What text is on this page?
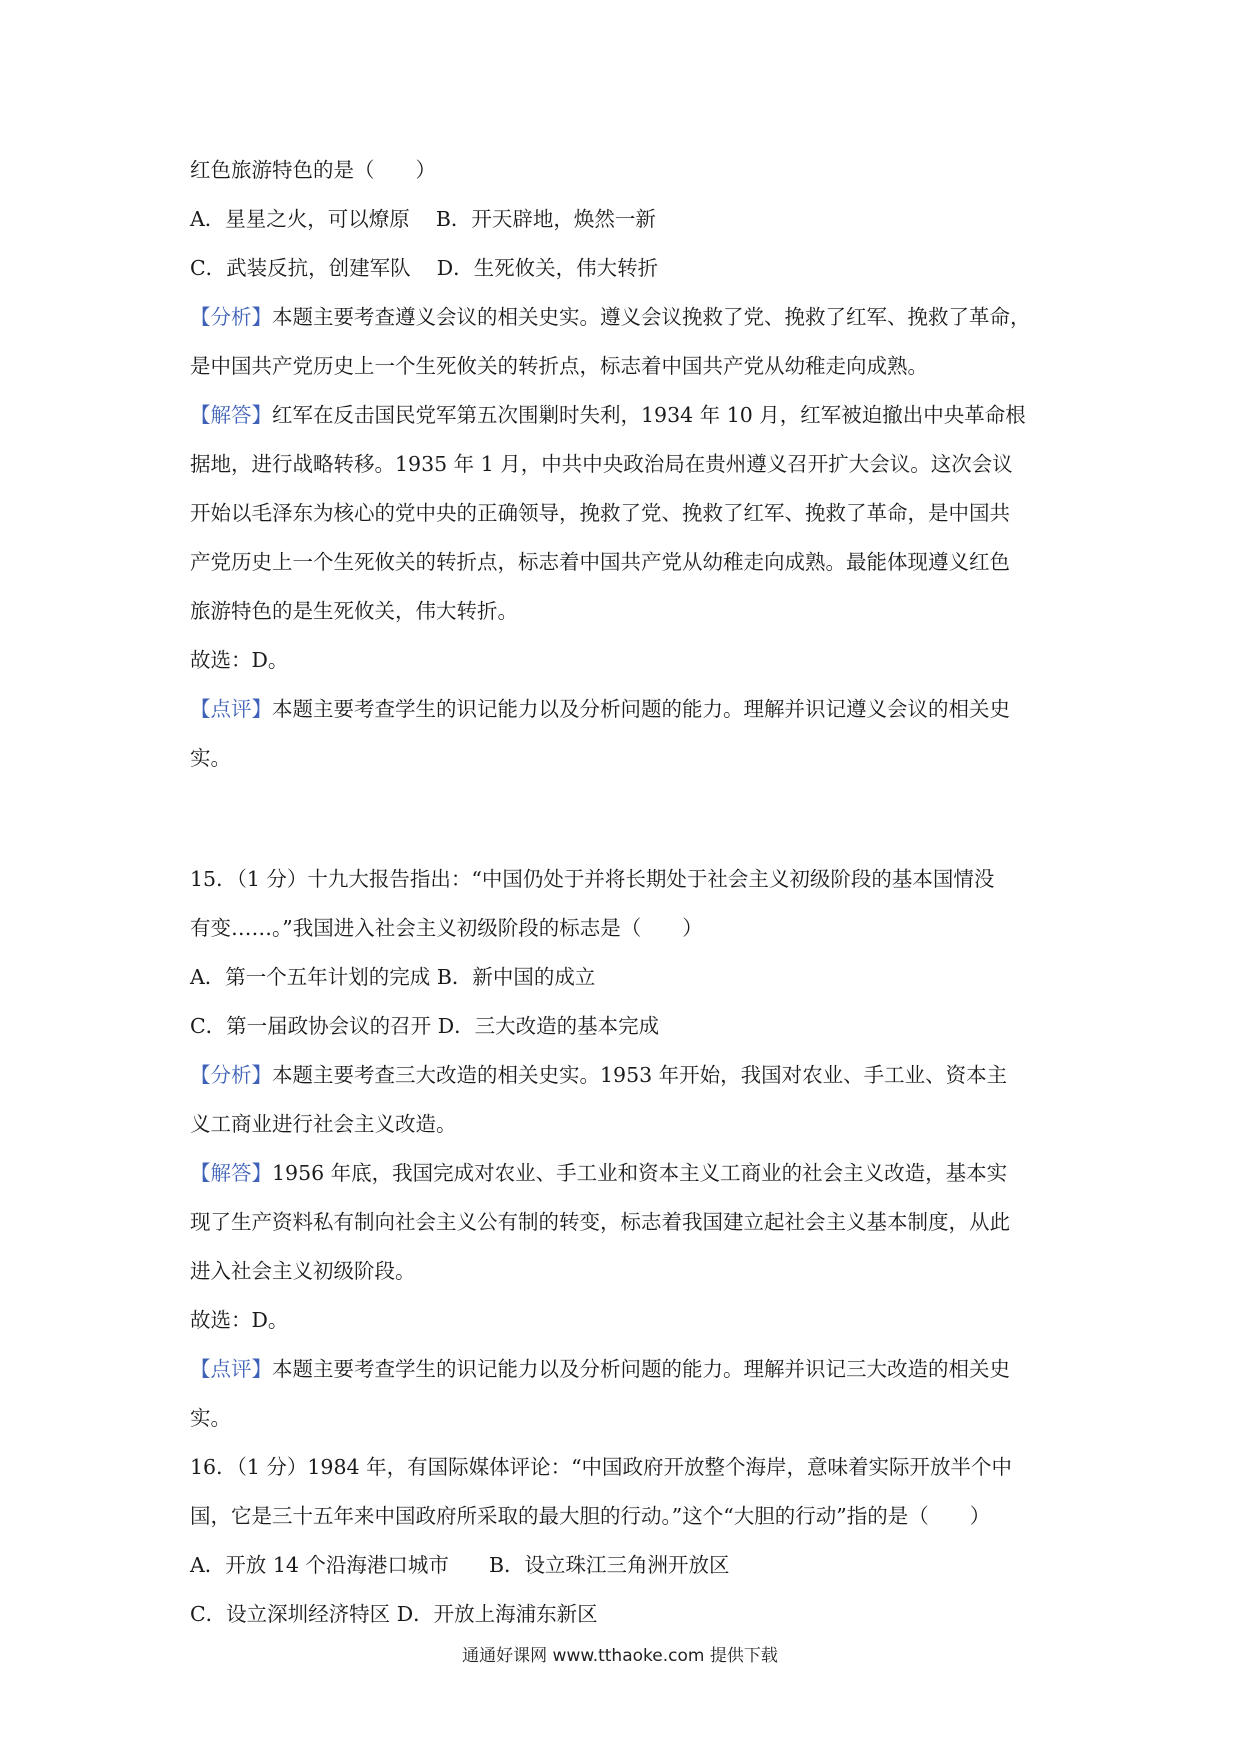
红色旅游特色的是（　　）
A．星星之火，可以燎原 B．开天辟地，焕然一新
C．武装反抗，创建军队 D．生死攸关，伟大转折
【分析】本题主要考查遵义会议的相关史实。遵义会议挽救了党、挽救了红军、挽救了革命，
是中国共产党历史上一个生死攸关的转折点，标志着中国共产党从幼稚走向成熟。
【解答】红军在反击国民党军第五次围剿时失利，1934 年 10 月，红军被迫撤出中央革命根
据地，进行战略转移。1935 年 1 月，中共中央政治局在贵州遵义召开扩大会议。这次会议
开始以毛泽东为核心的党中央的正确领导，挽救了党、挽救了红军、挽救了革命，是中国共
产党历史上一个生死攸关的转折点，标志着中国共产党从幼稚走向成熟。最能体现遵义红色
旅游特色的是生死攸关，伟大转折。
故选：D。
【点评】本题主要考查学生的识记能力以及分析问题的能力。理解并识记遵义会议的相关史
实。
15．（1 分）十九大报告指出：“中国仍处于并将长期处于社会主义初级阶段的基本国情没
有变……。”我国进入社会主义初级阶段的标志是（　　）
A．第一个五年计划的完成 B．新中国的成立
C．第一届政协会议的召开 D．三大改造的基本完成
【分析】本题主要考查三大改造的相关史实。1953 年开始，我国对农业、手工业、资本主
义工商业进行社会主义改造。
【解答】1956 年底，我国完成对农业、手工业和资本主义工商业的社会主义改造，基本实
现了生产资料私有制向社会主义公有制的转变，标志着我国建立起社会主义基本制度，从此
进入社会主义初级阶段。
故选：D。
【点评】本题主要考查学生的识记能力以及分析问题的能力。理解并识记三大改造的相关史
实。
16．（1 分）1984 年，有国际媒体评论：“中国政府开放整个海岸，意味着实际开放半个中
国，它是三十五年来中国政府所采取的最大胆的行动。”这个“大胆的行动”指的是（　　）
A．开放 14 个沿海港口城市 B．设立珠江三角洲开放区
C．设立深圳经济特区 D．开放上海浦东新区
通通好课网 www.tthaoke.com 提供下载
